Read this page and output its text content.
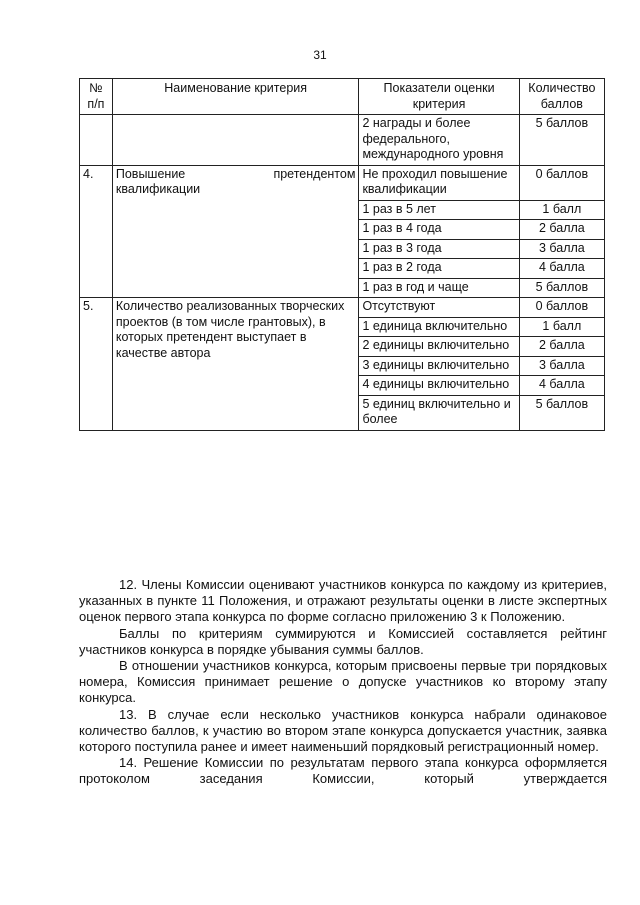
31
№ п/п	Наименование критерия	Показатели оценки критерия	Количество баллов
		2 награды и более федерального, международного уровня	5 баллов
4.	Повышение претендентом квалификации	Не проходил повышение квалификации	0 баллов
		1 раз в 5 лет	1 балл
		1 раз в 4 года	2 балла
		1 раз в 3 года	3 балла
		1 раз в 2 года	4 балла
		1 раз в год и чаще	5 баллов
5.	Количество реализованных творческих проектов (в том числе грантовых), в которых претендент выступает в качестве автора	Отсутствуют	0 баллов
		1 единица включительно	1 балл
		2 единицы включительно	2 балла
		3 единицы включительно	3 балла
		4 единицы включительно	4 балла
		5 единиц включительно и более	5 баллов

12. Члены Комиссии оценивают участников конкурса по каждому из критериев, указанных в пункте 11 Положения, и отражают результаты оценки в листе экспертных оценок первого этапа конкурса по форме согласно приложению 3 к Положению.

Баллы по критериям суммируются и Комиссией составляется рейтинг участников конкурса в порядке убывания суммы баллов.

В отношении участников конкурса, которым присвоены первые три порядковых номера, Комиссия принимает решение о допуске участников ко второму этапу конкурса.

13. В случае если несколько участников конкурса набрали одинаковое количество баллов, к участию во втором этапе конкурса допускается участник, заявка которого поступила ранее и имеет наименьший порядковый регистрационный номер.

14. Решение Комиссии по результатам первого этапа конкурса оформляется протоколом заседания Комиссии, который утверждается
